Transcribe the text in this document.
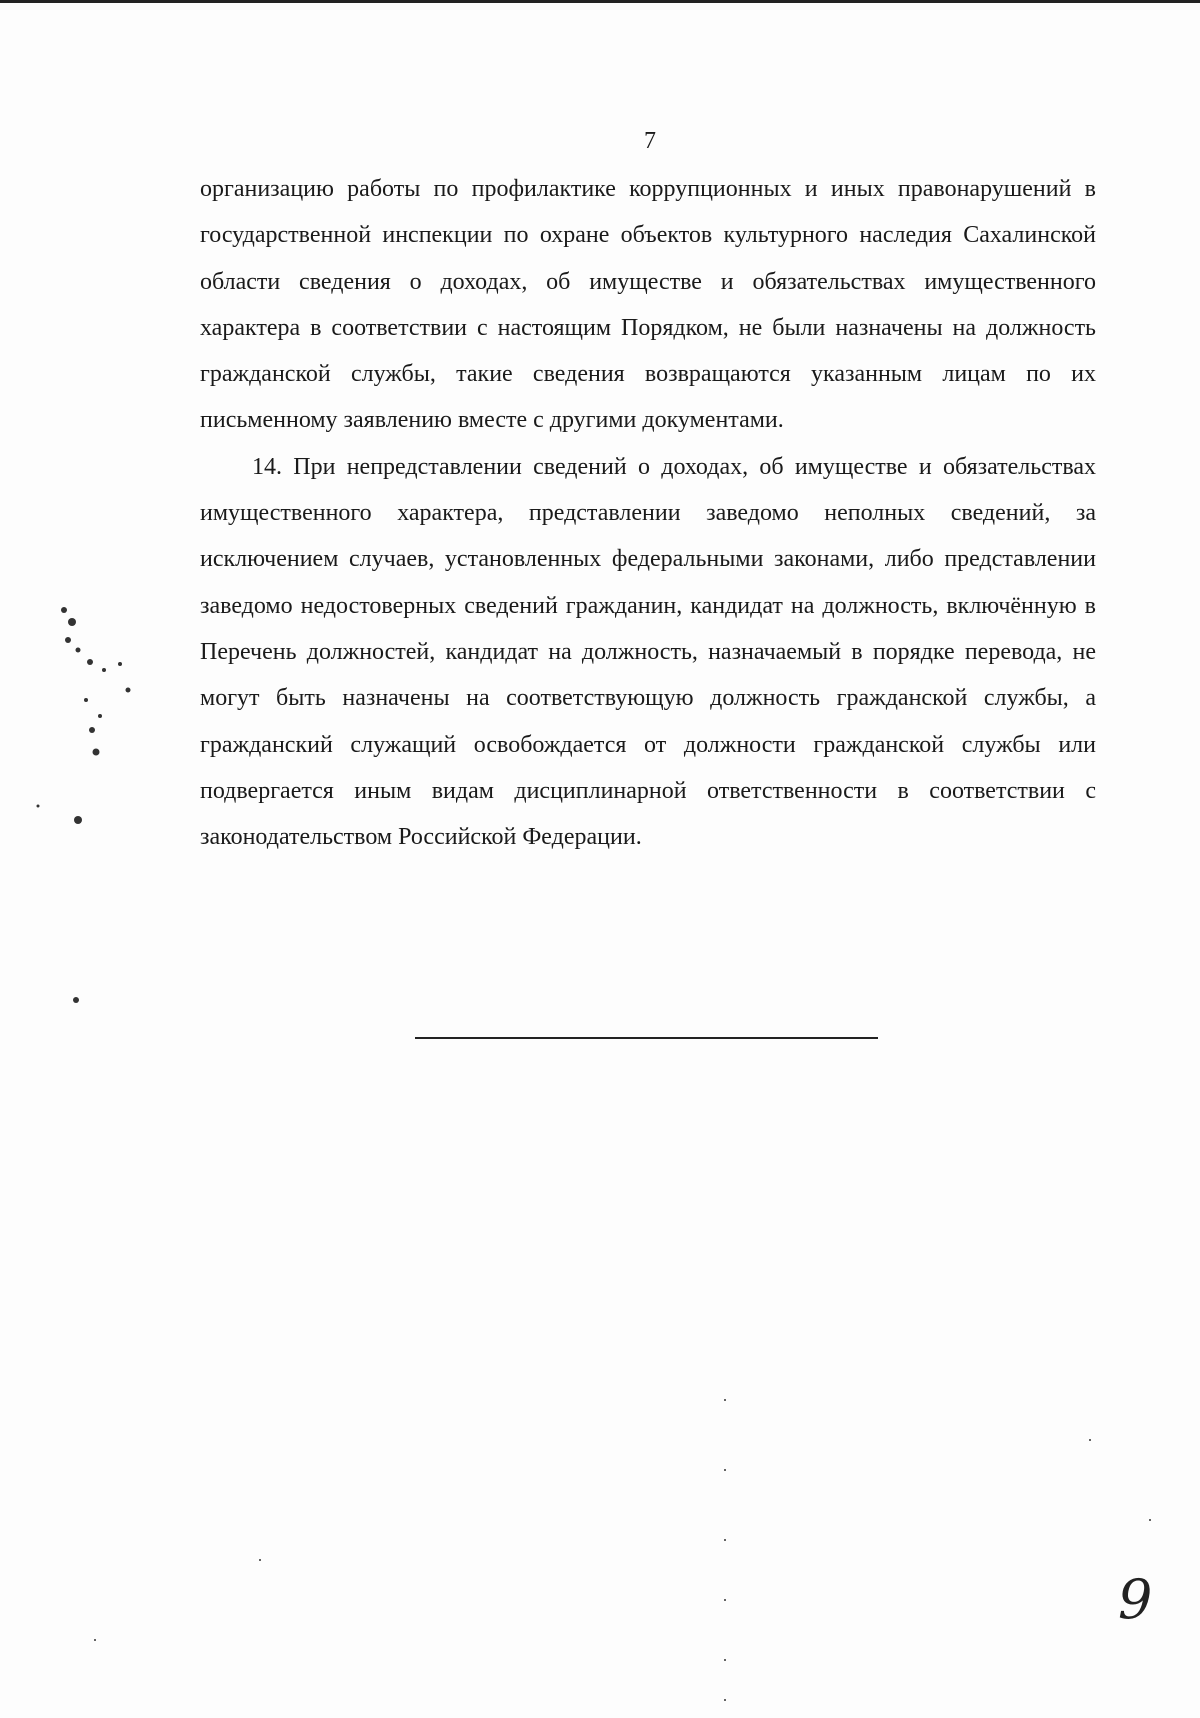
7

организацию работы по профилактике коррупционных и иных правонарушений в государственной инспекции по охране объектов культурного наследия Сахалинской области сведения о доходах, об имуществе и обязательствах имущественного характера в соответствии с настоящим Порядком, не были назначены на должность гражданской службы, такие сведения возвращаются указанным лицам по их письменному заявлению вместе с другими документами.

14. При непредставлении сведений о доходах, об имуществе и обязательствах имущественного характера, представлении заведомо неполных сведений, за исключением случаев, установленных федеральными законами, либо представлении заведомо недостоверных сведений гражданин, кандидат на должность, включённую в Перечень должностей, кандидат на должность, назначаемый в порядке перевода, не могут быть назначены на соответствующую должность гражданской службы, а гражданский служащий освобождается от должности гражданской службы или подвергается иным видам дисциплинарной ответственности в соответствии с законодательством Российской Федерации.

9
